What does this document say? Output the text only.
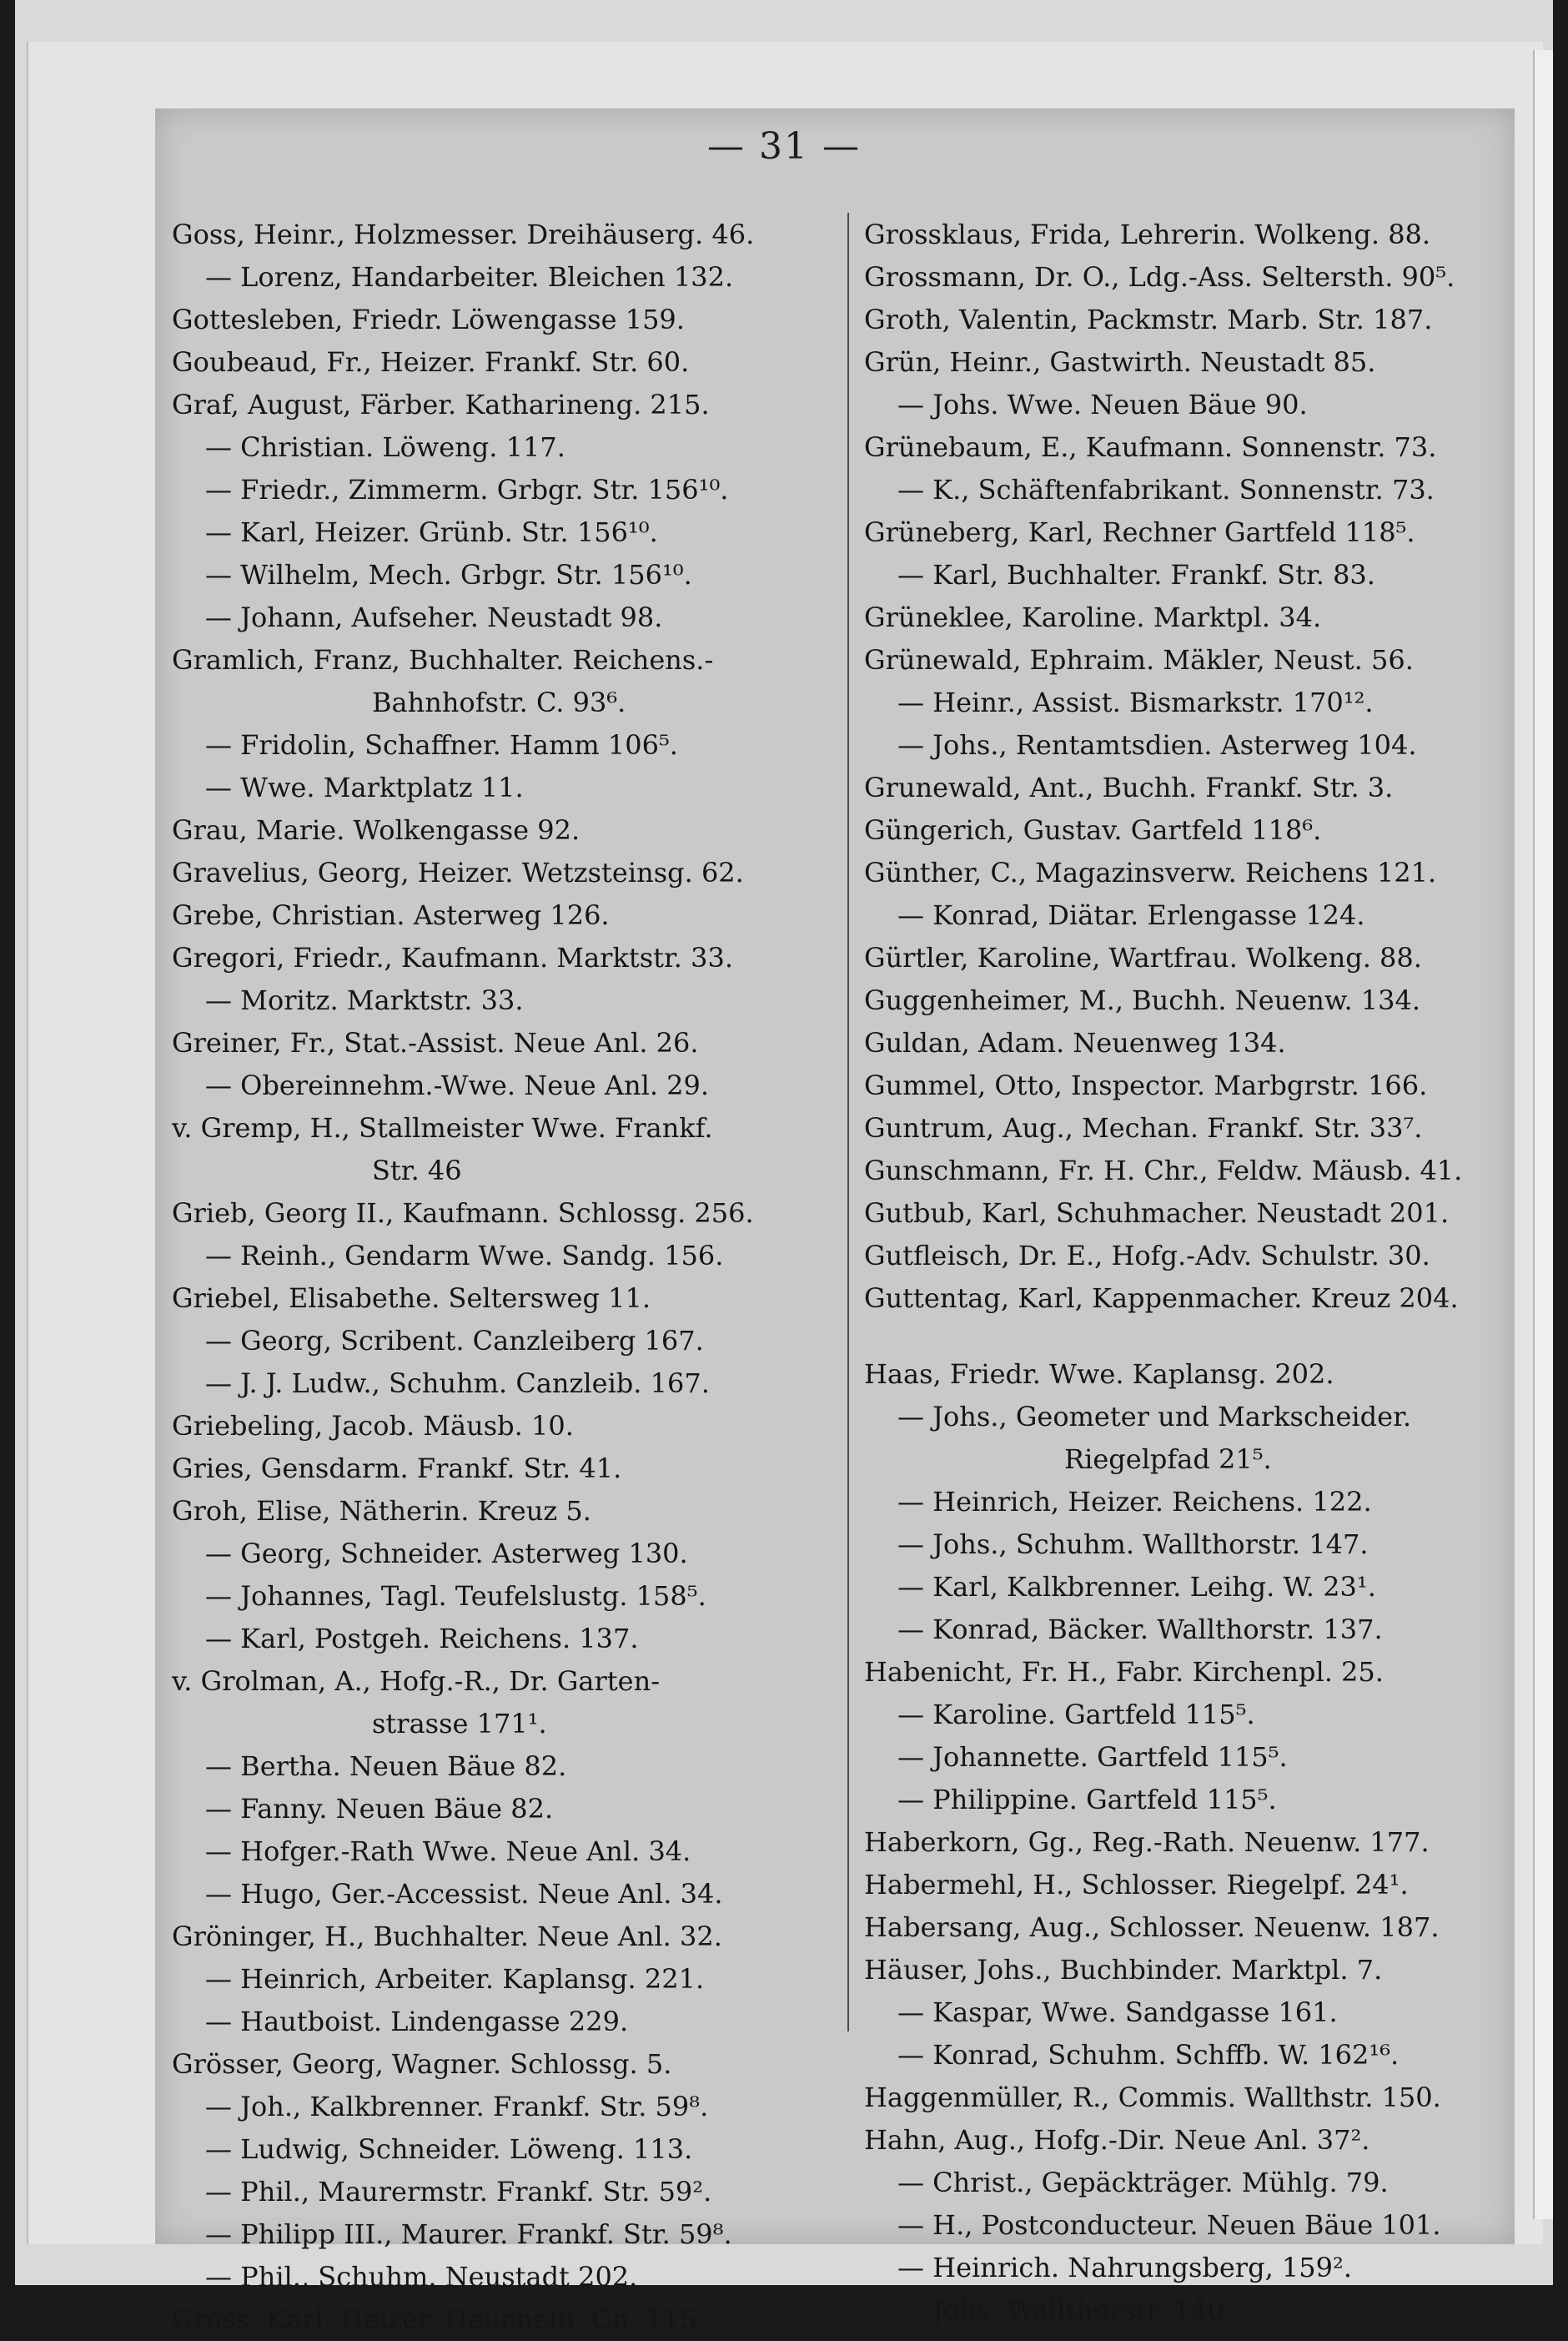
— 31 —
Goss, Heinr., Holzmesser. Dreihäuserg. 46.
— Lorenz, Handarbeiter. Bleichen 132.
Gottesleben, Friedr. Löwengasse 159.
Goubeaud, Fr., Heizer. Frankf. Str. 60.
Graf, August, Färber. Katharineng. 215.
— Christian. Löweng. 117.
— Friedr., Zimmerm. Grbgr. Str. 156¹⁰.
— Karl, Heizer. Grünb. Str. 156¹⁰.
— Wilhelm, Mech. Grbgr. Str. 156¹⁰.
— Johann, Aufseher. Neustadt 98.
Gramlich, Franz, Buchhalter. Reichens.-
Bahnhofstr. C. 93⁶.
— Fridolin, Schaffner. Hamm 106⁵.
— Wwe. Marktplatz 11.
Grau, Marie. Wolkengasse 92.
Gravelius, Georg, Heizer. Wetzsteinsg. 62.
Grebe, Christian. Asterweg 126.
Gregori, Friedr., Kaufmann. Marktstr. 33.
— Moritz. Marktstr. 33.
Greiner, Fr., Stat.-Assist. Neue Anl. 26.
— Obereinnehm.-Wwe. Neue Anl. 29.
v. Gremp, H., Stallmeister Wwe. Frankf.
Str. 46
Grieb, Georg II., Kaufmann. Schlossg. 256.
— Reinh., Gendarm Wwe. Sandg. 156.
Griebel, Elisabethe. Seltersweg 11.
— Georg, Scribent. Canzleiberg 167.
— J. J. Ludw., Schuhm. Canzleib. 167.
Griebeling, Jacob. Mäusb. 10.
Gries, Gensdarm. Frankf. Str. 41.
Groh, Elise, Nätherin. Kreuz 5.
— Georg, Schneider. Asterweg 130.
— Johannes, Tagl. Teufelslustg. 158⁵.
— Karl, Postgeh. Reichens. 137.
v. Grolman, A., Hofg.-R., Dr. Garten-
strasse 171¹.
— Bertha. Neuen Bäue 82.
— Fanny. Neuen Bäue 82.
— Hofger.-Rath Wwe. Neue Anl. 34.
— Hugo, Ger.-Accessist. Neue Anl. 34.
Gröninger, H., Buchhalter. Neue Anl. 32.
— Heinrich, Arbeiter. Kaplansg. 221.
— Hautboist. Lindengasse 229.
Grösser, Georg, Wagner. Schlossg. 5.
— Joh., Kalkbrenner. Frankf. Str. 59⁸.
— Ludwig, Schneider. Löweng. 113.
— Phil., Maurermstr. Frankf. Str. 59².
— Philipp III., Maurer. Frankf. Str. 59⁸.
— Phil., Schuhm. Neustadt 202.
Gross, Karl, Heizer. Heuchelh. Ch. 115.
Grossklaus, Frida, Lehrerin. Wolkeng. 88.
Grossmann, Dr. O., Ldg.-Ass. Seltersth. 90⁵.
Groth, Valentin, Packmstr. Marb. Str. 187.
Grün, Heinr., Gastwirth. Neustadt 85.
— Johs. Wwe. Neuen Bäue 90.
Grünebaum, E., Kaufmann. Sonnenstr. 73.
— K., Schäftenfabrikant. Sonnenstr. 73.
Grüneberg, Karl, Rechner Gartfeld 118⁵.
— Karl, Buchhalter. Frankf. Str. 83.
Grüneklee, Karoline. Marktpl. 34.
Grünewald, Ephraim. Mäkler, Neust. 56.
— Heinr., Assist. Bismarkstr. 170¹².
— Johs., Rentamtsdien. Asterweg 104.
Grunewald, Ant., Buchh. Frankf. Str. 3.
Güngerich, Gustav. Gartfeld 118⁶.
Günther, C., Magazinsverw. Reichens 121.
— Konrad, Diätar. Erlengasse 124.
Gürtler, Karoline, Wartfrau. Wolkeng. 88.
Guggenheimer, M., Buchh. Neuenw. 134.
Guldan, Adam. Neuenweg 134.
Gummel, Otto, Inspector. Marbgrstr. 166.
Guntrum, Aug., Mechan. Frankf. Str. 33⁷.
Gunschmann, Fr. H. Chr., Feldw. Mäusb. 41.
Gutbub, Karl, Schuhmacher. Neustadt 201.
Gutfleisch, Dr. E., Hofg.-Adv. Schulstr. 30.
Guttentag, Karl, Kappenmacher. Kreuz 204.
Haas, Friedr. Wwe. Kaplansg. 202.
— Johs., Geometer und Markscheider.
Riegelpfad 21⁵.
— Heinrich, Heizer. Reichens. 122.
— Johs., Schuhm. Wallthorstr. 147.
— Karl, Kalkbrenner. Leihg. W. 23¹.
— Konrad, Bäcker. Wallthorstr. 137.
Habenicht, Fr. H., Fabr. Kirchenpl. 25.
— Karoline. Gartfeld 115⁵.
— Johannette. Gartfeld 115⁵.
— Philippine. Gartfeld 115⁵.
Haberkorn, Gg., Reg.-Rath. Neuenw. 177.
Habermehl, H., Schlosser. Riegelpf. 24¹.
Habersang, Aug., Schlosser. Neuenw. 187.
Häuser, Johs., Buchbinder. Marktpl. 7.
— Kaspar, Wwe. Sandgasse 161.
— Konrad, Schuhm. Schffb. W. 162¹⁶.
Haggenmüller, R., Commis. Wallthstr. 150.
Hahn, Aug., Hofg.-Dir. Neue Anl. 37².
— Christ., Gepäckträger. Mühlg. 79.
— H., Postconducteur. Neuen Bäue 101.
— Heinrich. Nahrungsberg, 159².
— Johs. Wallthorstr. 140.
